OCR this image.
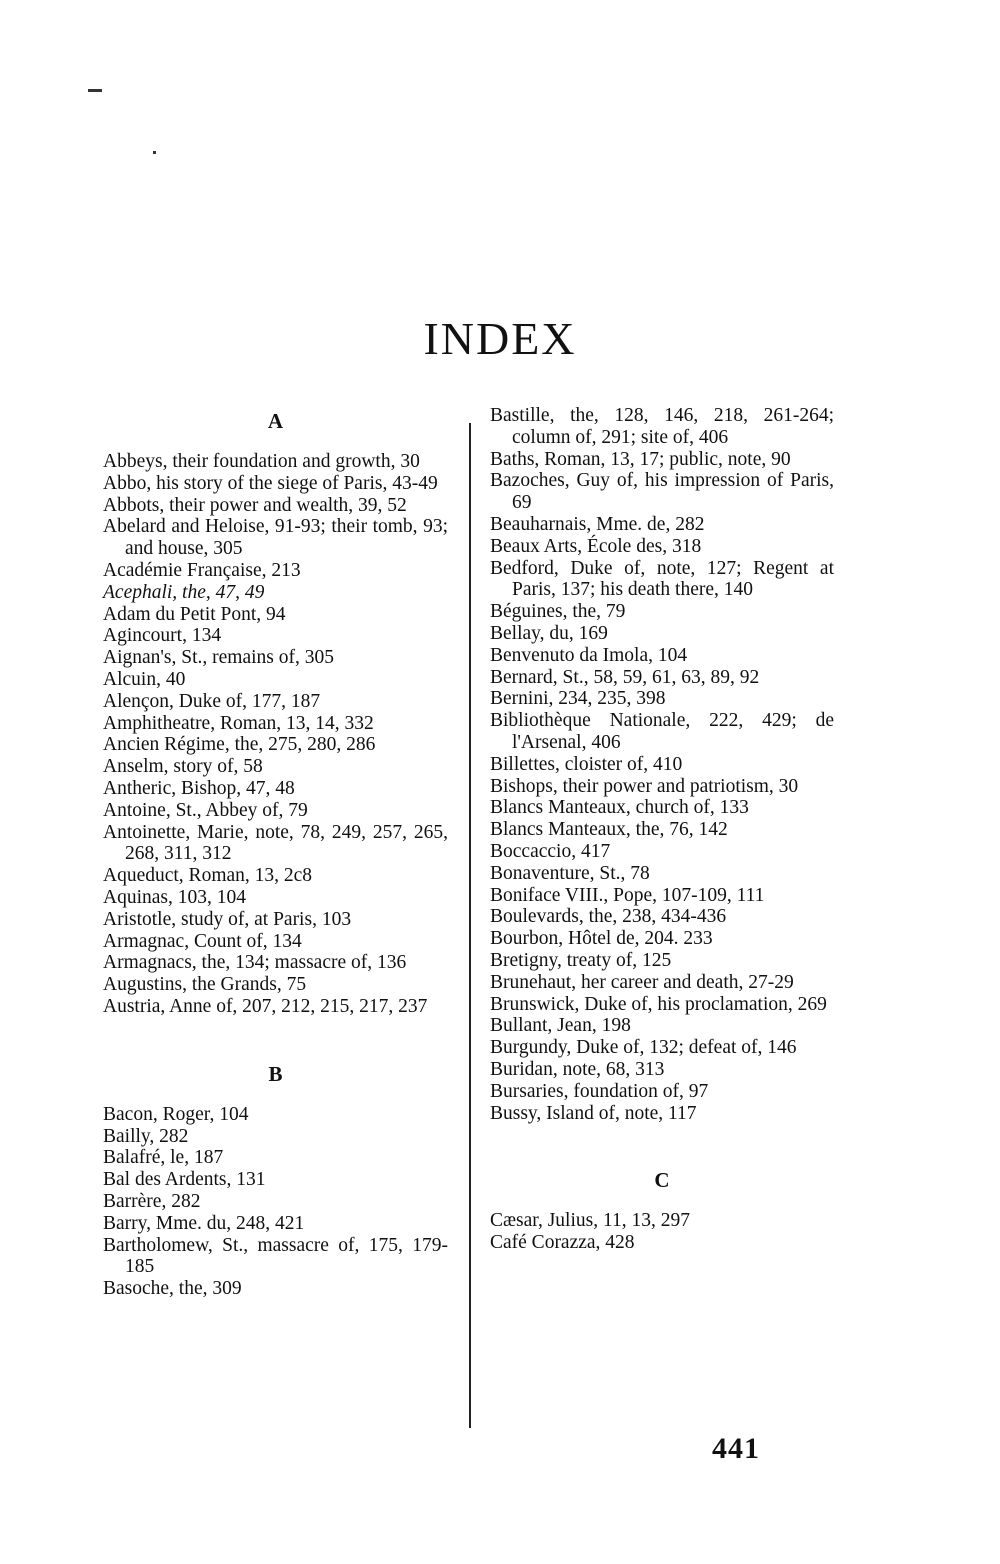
INDEX
A
Abbeys, their foundation and growth, 30
Abbo, his story of the siege of Paris, 43-49
Abbots, their power and wealth, 39, 52
Abelard and Heloise, 91-93; their tomb, 93; and house, 305
Académie Française, 213
Acephali, the, 47, 49
Adam du Petit Pont, 94
Agincourt, 134
Aignan's, St., remains of, 305
Alcuin, 40
Alençon, Duke of, 177, 187
Amphitheatre, Roman, 13, 14, 332
Ancien Régime, the, 275, 280, 286
Anselm, story of, 58
Antheric, Bishop, 47, 48
Antoine, St., Abbey of, 79
Antoinette, Marie, note, 78, 249, 257, 265, 268, 311, 312
Aqueduct, Roman, 13, 2c8
Aquinas, 103, 104
Aristotle, study of, at Paris, 103
Armagnac, Count of, 134
Armagnacs, the, 134; massacre of, 136
Augustins, the Grands, 75
Austria, Anne of, 207, 212, 215, 217, 237
B
Bacon, Roger, 104
Bailly, 282
Balafré, le, 187
Bal des Ardents, 131
Barrère, 282
Barry, Mme. du, 248, 421
Bartholomew, St., massacre of, 175, 179-185
Basoche, the, 309
Bastille, the, 128, 146, 218, 261-264; column of, 291; site of, 406
Baths, Roman, 13, 17; public, note, 90
Bazoches, Guy of, his impression of Paris, 69
Beauharnais, Mme. de, 282
Beaux Arts, École des, 318
Bedford, Duke of, note, 127; Regent at Paris, 137; his death there, 140
Béguines, the, 79
Bellay, du, 169
Benvenuto da Imola, 104
Bernard, St., 58, 59, 61, 63, 89, 92
Bernini, 234, 235, 398
Bibliothèque Nationale, 222, 429; de l'Arsenal, 406
Billettes, cloister of, 410
Bishops, their power and patriotism, 30
Blancs Manteaux, church of, 133
Blancs Manteaux, the, 76, 142
Boccaccio, 417
Bonaventure, St., 78
Boniface VIII., Pope, 107-109, 111
Boulevards, the, 238, 434-436
Bourbon, Hôtel de, 204. 233
Bretigny, treaty of, 125
Brunehaut, her career and death, 27-29
Brunswick, Duke of, his proclamation, 269
Bullant, Jean, 198
Burgundy, Duke of, 132; defeat of, 146
Buridan, note, 68, 313
Bursaries, foundation of, 97
Bussy, Island of, note, 117
C
Cæsar, Julius, 11, 13, 297
Café Corazza, 428
441
